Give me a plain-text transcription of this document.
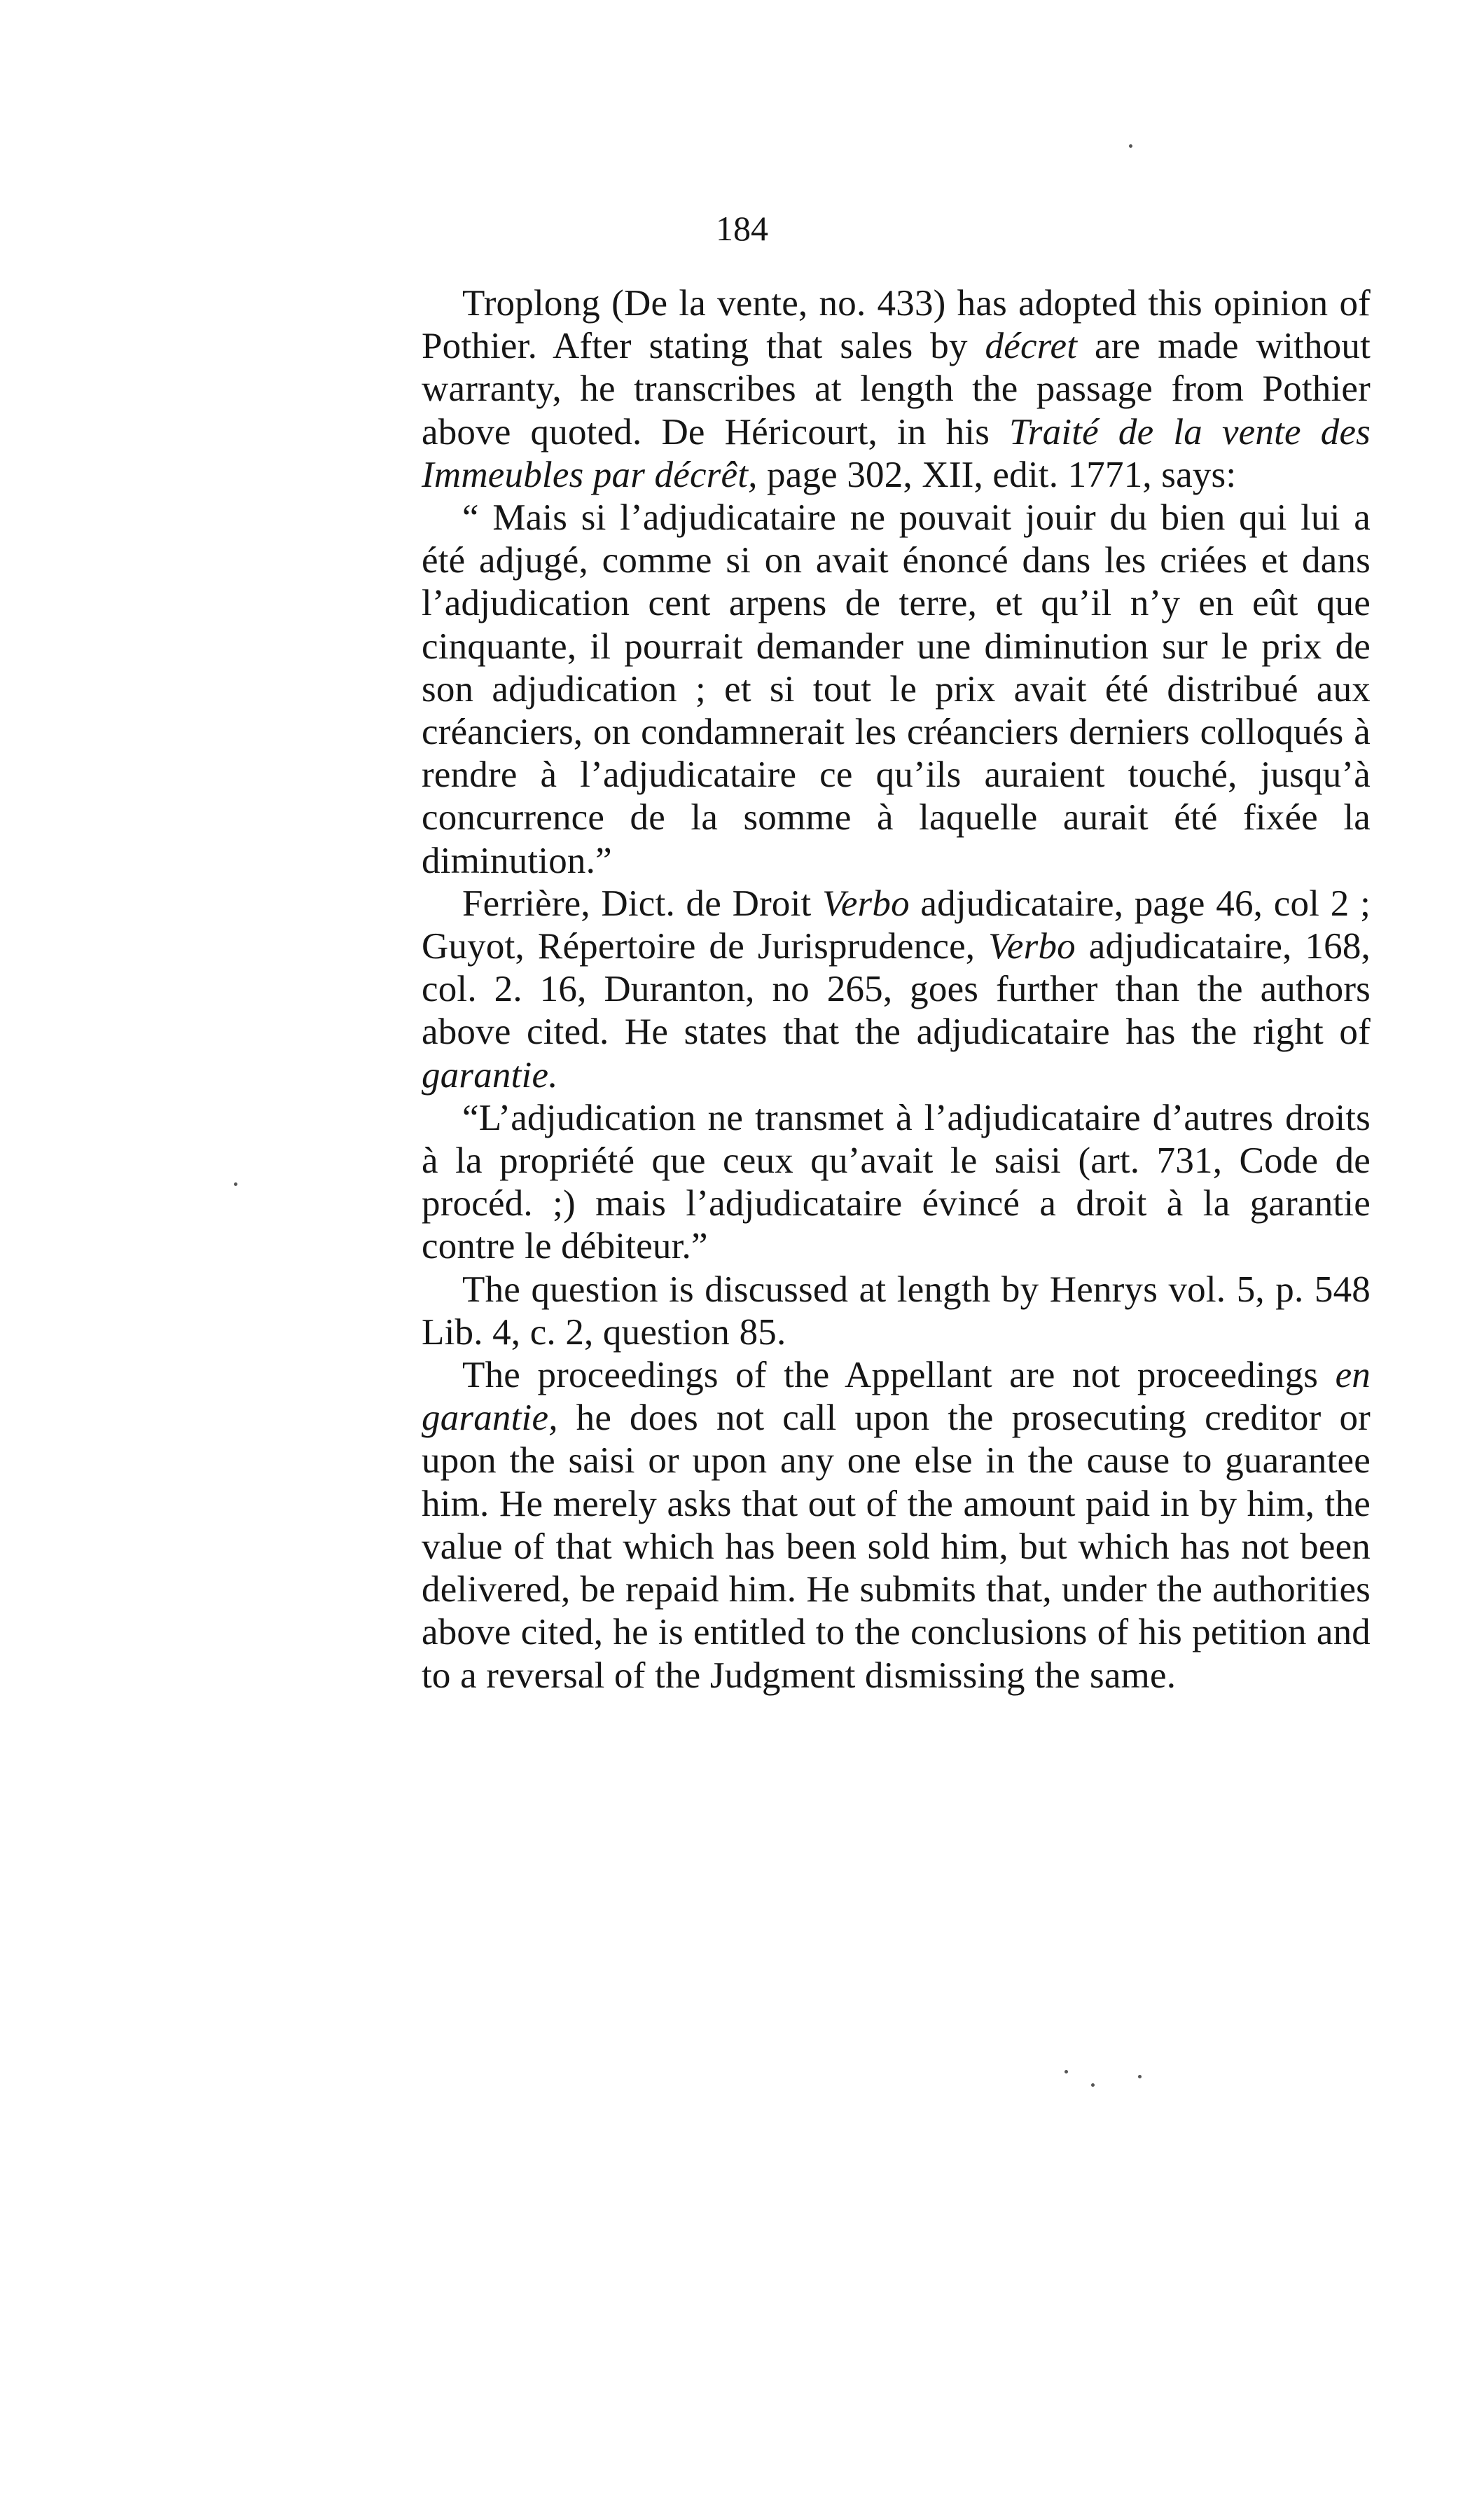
184

Troplong (De la vente, no. 433) has adopted this opinion of Pothier. After stating that sales by décret are made without warranty, he transcribes at length the passage from Pothier above quoted. De Héricourt, in his Traité de la vente des Immeubles par décrêt, page 302, XII, edit. 1771, says:

“ Mais si l’adjudicataire ne pouvait jouir du bien qui lui a été adjugé, comme si on avait énoncé dans les criées et dans l’adjudication cent arpens de terre, et qu’il n’y en eût que cinquante, il pourrait demander une diminution sur le prix de son adjudication ; et si tout le prix avait été distribué aux créanciers, on condamnerait les créanciers derniers colloqués à rendre à l’adjudicataire ce qu’ils auraient touché, jusqu’à concurrence de la somme à laquelle aurait été fixée la diminution.”

Ferrière, Dict. de Droit Verbo adjudicataire, page 46, col 2 ; Guyot, Répertoire de Jurisprudence, Verbo adjudicataire, 168, col. 2. 16, Duranton, no 265, goes further than the authors above cited. He states that the adjudicataire has the right of garantie.

“L’adjudication ne transmet à l’adjudicataire d’autres droits à la propriété que ceux qu’avait le saisi (art. 731, Code de procéd. ;) mais l’adjudicataire évincé a droit à la garantie contre le débiteur.”

The question is discussed at length by Henrys vol. 5, p. 548 Lib. 4, c. 2, question 85.

The proceedings of the Appellant are not proceedings en garantie, he does not call upon the prosecuting creditor or upon the saisi or upon any one else in the cause to guarantee him. He merely asks that out of the amount paid in by him, the value of that which has been sold him, but which has not been delivered, be repaid him. He submits that, under the authorities above cited, he is entitled to the conclusions of his petition and to a reversal of the Judgment dismissing the same.
